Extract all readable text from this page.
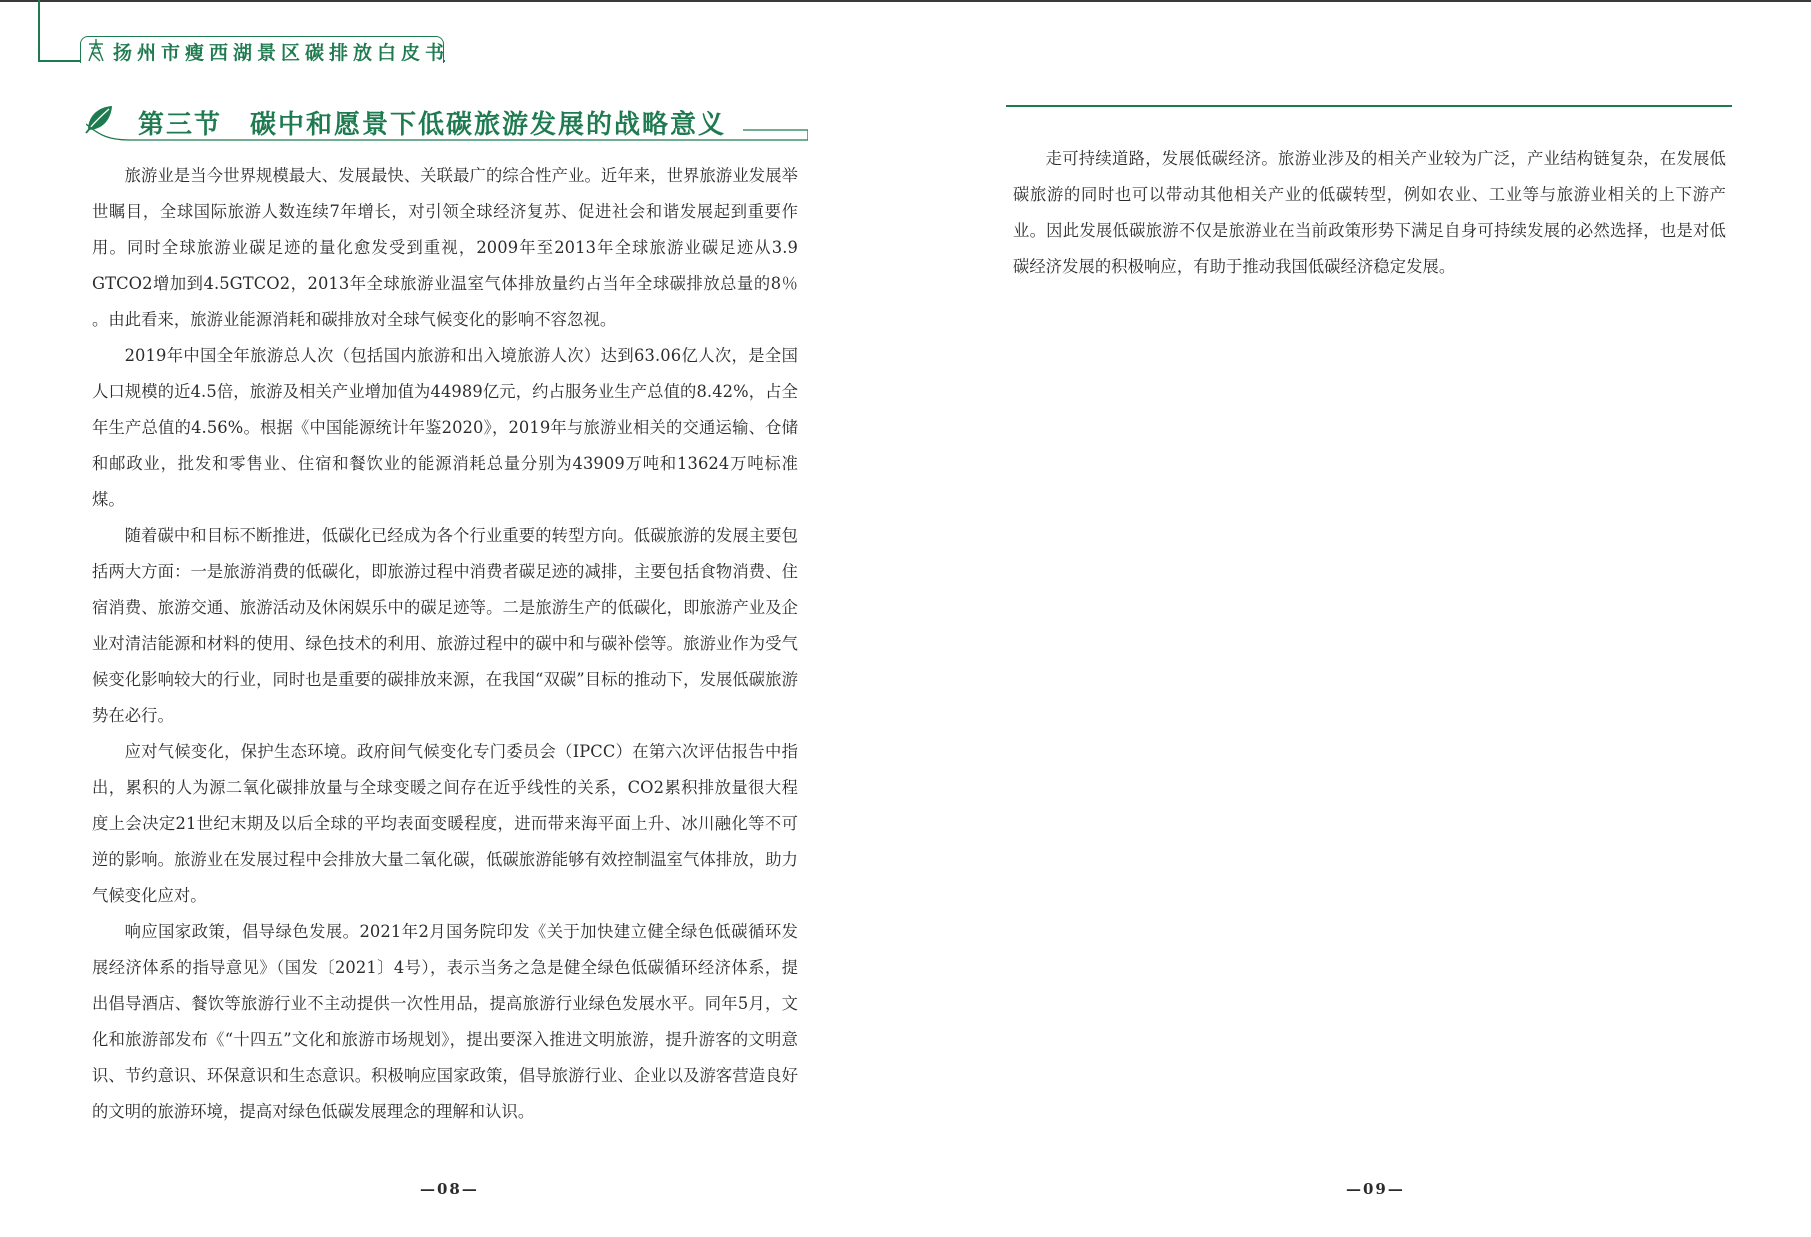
扬州市瘦西湖景区碳排放白皮书
第三节　碳中和愿景下低碳旅游发展的战略意义

旅游业是当今世界规模最大、发展最快、关联最广的综合性产业。近年来，世界旅游业发展举世瞩目，全球国际旅游人数连续7年增长，对引领全球经济复苏、促进社会和谐发展起到重要作用。同时全球旅游业碳足迹的量化愈发受到重视，2009年至2013年全球旅游业碳足迹从3.9 GTCO2增加到4.5GTCO2，2013年全球旅游业温室气体排放量约占当年全球碳排放总量的8％ 。由此看来，旅游业能源消耗和碳排放对全球气候变化的影响不容忽视。

2019年中国全年旅游总人次（包括国内旅游和出入境旅游人次）达到63.06亿人次，是全国人口规模的近4.5倍，旅游及相关产业增加值为44989亿元，约占服务业生产总值的8.42%，占全年生产总值的4.56%。根据《中国能源统计年鉴2020》，2019年与旅游业相关的交通运输、仓储和邮政业，批发和零售业、住宿和餐饮业的能源消耗总量分别为43909万吨和13624万吨标准煤。

随着碳中和目标不断推进，低碳化已经成为各个行业重要的转型方向。低碳旅游的发展主要包括两大方面：一是旅游消费的低碳化，即旅游过程中消费者碳足迹的减排，主要包括食物消费、住宿消费、旅游交通、旅游活动及休闲娱乐中的碳足迹等。二是旅游生产的低碳化，即旅游产业及企业对清洁能源和材料的使用、绿色技术的利用、旅游过程中的碳中和与碳补偿等。旅游业作为受气候变化影响较大的行业，同时也是重要的碳排放来源，在我国“双碳”目标的推动下，发展低碳旅游势在必行。

应对气候变化，保护生态环境。政府间气候变化专门委员会（IPCC）在第六次评估报告中指出，累积的人为源二氧化碳排放量与全球变暖之间存在近乎线性的关系，CO2累积排放量很大程度上会决定21世纪末期及以后全球的平均表面变暖程度，进而带来海平面上升、冰川融化等不可逆的影响。旅游业在发展过程中会排放大量二氧化碳，低碳旅游能够有效控制温室气体排放，助力气候变化应对。

响应国家政策，倡导绿色发展。2021年2月国务院印发《关于加快建立健全绿色低碳循环发展经济体系的指导意见》（国发〔2021〕4号），表示当务之急是健全绿色低碳循环经济体系，提出倡导酒店、餐饮等旅游行业不主动提供一次性用品，提高旅游行业绿色发展水平。同年5月，文化和旅游部发布《“十四五”文化和旅游市场规划》，提出要深入推进文明旅游，提升游客的文明意识、节约意识、环保意识和生态意识。积极响应国家政策，倡导旅游行业、企业以及游客营造良好的文明的旅游环境，提高对绿色低碳发展理念的理解和认识。

走可持续道路，发展低碳经济。旅游业涉及的相关产业较为广泛，产业结构链复杂，在发展低碳旅游的同时也可以带动其他相关产业的低碳转型，例如农业、工业等与旅游业相关的上下游产业。因此发展低碳旅游不仅是旅游业在当前政策形势下满足自身可持续发展的必然选择，也是对低碳经济发展的积极响应，有助于推动我国低碳经济稳定发展。

—08—	—09—
